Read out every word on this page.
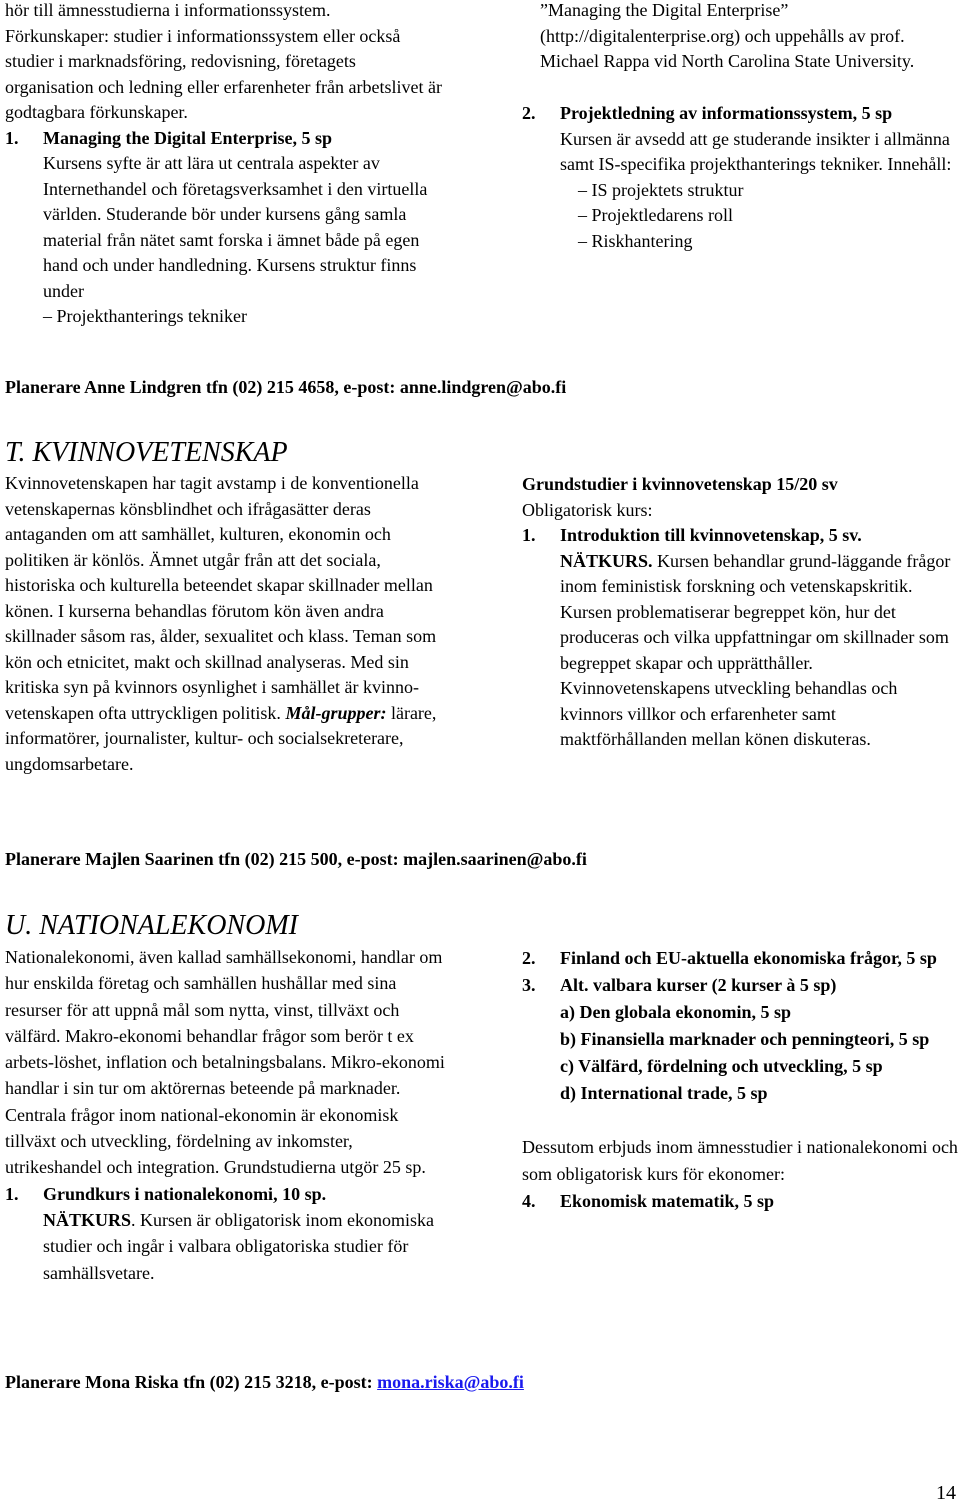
hör till ämnesstudierna i informationssystem.

Förkunskaper: studier i informationssystem eller också studier i marknadsföring, redovisning, företagets organisation och ledning eller erfarenheter från arbetslivet är godtagbara förkunskaper.

1. Managing the Digital Enterprise, 5 sp
Kursens syfte är att lära ut centrala aspekter av Internethandel och företagsverksamhet i den virtuella världen. Studerande bör under kursens gång samla material från nätet samt forska i ämnet både på egen hand och under handledning. Kursens struktur finns under
– Projekthanterings tekniker

”Managing the Digital Enterprise” (http://digitalenterprise.org) och uppehålls av prof. Michael Rappa vid North Carolina State University.

2. Projektledning av informationssystem, 5 sp
Kursen är avsedd att ge studerande insikter i allmänna samt IS-specifika projekthanterings tekniker. Innehåll:
– IS projektets struktur
– Projektledarens roll
– Riskhantering
Planerare Anne Lindgren tfn (02) 215 4658, e-post: anne.lindgren@abo.fi
T. KVINNOVETENSKAP
Kvinnovetenskapen har tagit avstamp i de konventionella vetenskapernas könsblindhet och ifrågasätter deras antaganden om att samhället, kulturen, ekonomin och politiken är könlös. Ämnet utgår från att det sociala, historiska och kulturella beteendet skapar skillnader mellan könen. I kurserna behandlas förutom kön även andra skillnader såsom ras, ålder, sexualitet och klass. Teman som kön och etnicitet, makt och skillnad analyseras. Med sin kritiska syn på kvinnors osynlighet i samhället är kvinno-vetenskapen ofta uttryckligen politisk. Mål-grupper: lärare, informatörer, journalister, kultur- och socialsekreterare, ungdomsarbetare.
Grundstudier i kvinnovetenskap 15/20 sv
Obligatorisk kurs:
1. Introduktion till kvinnovetenskap, 5 sv.
NÄTKURS. Kursen behandlar grund-läggande frågor inom feministisk forskning och vetenskapskritik. Kursen problematiserar begreppet kön, hur det produceras och vilka uppfattningar om skillnader som begreppet skapar och upprätthåller. Kvinnovetenskapens utveckling behandlas och kvinnors villkor och erfarenheter samt maktförhållanden mellan könen diskuteras.
Planerare Majlen Saarinen tfn (02) 215 500, e-post: majlen.saarinen@abo.fi
U. NATIONALEKONOMI
Nationalekonomi, även kallad samhällsekonomi, handlar om hur enskilda företag och samhällen hushållar med sina resurser för att uppnå mål som nytta, vinst, tillväxt och välfärd. Makro-ekonomi behandlar frågor som berör t ex arbets-löshet, inflation och betalningsbalans. Mikro-ekonomi handlar i sin tur om aktörernas beteende på marknader. Centrala frågor inom national-ekonomin är ekonomisk tillväxt och utveckling, fördelning av inkomster, utrikeshandel och integration. Grundstudierna utgör 25 sp.
1. Grundkurs i nationalekonomi, 10 sp.
NÄTKURS. Kursen är obligatorisk inom ekonomiska studier och ingår i valbara obligatoriska studier för samhällsvetare.
2. Finland och EU-aktuella ekonomiska frågor, 5 sp
3. Alt. valbara kurser (2 kurser à 5 sp)
a) Den globala ekonomin, 5 sp
b) Finansiella marknader och penningteori, 5 sp
c) Välfärd, fördelning och utveckling, 5 sp
d) International trade, 5 sp
Dessutom erbjuds inom ämnesstudier i nationalekonomi och som obligatorisk kurs för ekonomer:
4. Ekonomisk matematik, 5 sp
Planerare Mona Riska tfn (02) 215 3218, e-post: mona.riska@abo.fi
14
